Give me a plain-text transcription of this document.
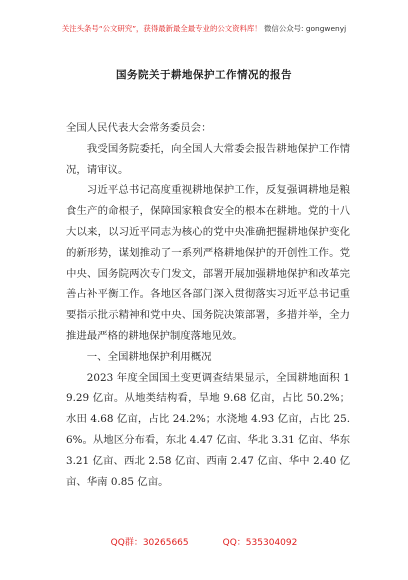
关注头条号“公文研究”，获得最新最全最专业的公文资料库！ 微信公众号: gongwenyj
国务院关于耕地保护工作情况的报告

全国人民代表大会常务委员会：

我受国务院委托，向全国人大常委会报告耕地保护工作情况，请审议。

习近平总书记高度重视耕地保护工作，反复强调耕地是粮食生产的命根子，保障国家粮食安全的根本在耕地。党的十八大以来，以习近平同志为核心的党中央准确把握耕地保护变化的新形势，谋划推动了一系列严格耕地保护的开创性工作。党中央、国务院两次专门发文，部署开展加强耕地保护和改革完善占补平衡工作。各地区各部门深入贯彻落实习近平总书记重要指示批示精神和党中央、国务院决策部署，多措并举，全力推进最严格的耕地保护制度落地见效。

一、全国耕地保护利用概况

2023 年度全国国土变更调查结果显示，全国耕地面积 19.29 亿亩。从地类结构看，旱地 9.68 亿亩，占比 50.2%；水田 4.68 亿亩，占比 24.2%；水浇地 4.93 亿亩，占比 25.6%。从地区分布看，东北 4.47 亿亩、华北 3.31 亿亩、华东 3.21 亿亩、西北 2.58 亿亩、西南 2.47 亿亩、华中 2.40 亿亩、华南 0.85 亿亩。

QQ群：30265665	QQ：535304092
